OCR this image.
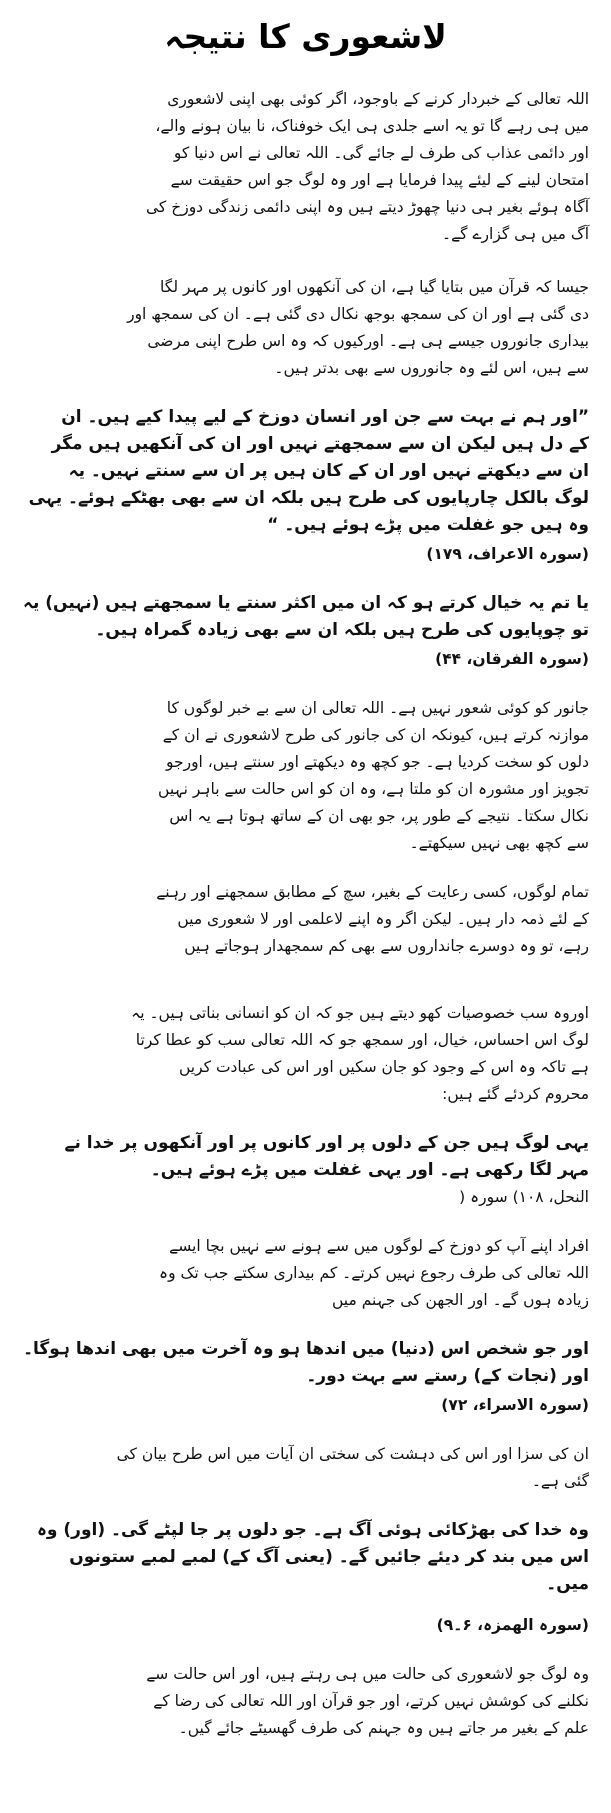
لاشعوری کا نتیجہ

اللہ تعالی کے خبردار کرنے کے باوجود، اگر کوئی بھی اپنی لاشعوری
میں ہی رہے گا تو یہ اسے جلدی ہی ایک خوفناک، نا بیان ہونے والے،
اور دائمی عذاب کی طرف لے جائے گی۔ اللہ تعالی نے اس دنیا کو
امتحان لینے کے لیئے پیدا فرمایا ہے اور وہ لوگ جو اس حقیقت سے
آگاہ ہوئے بغیر ہی دنیا چھوڑ دیتے ہیں وہ اپنی دائمی زندگی دوزخ کی
آگ میں ہی گزارے گے۔

جیسا کہ قرآن میں بتایا گیا ہے، ان کی آنکھوں اور کانوں پر مہر لگا
دی گئی ہے اور ان کی سمجھ بوجھ نکال دی گئی ہے۔ ان کی سمجھ اور
بیداری جانوروں جیسے ہی ہے۔ اورکیوں کہ وہ اس طرح اپنی مرضی
سے ہیں، اس لئے وہ جانوروں سے بھی بدتر ہیں۔

”اور ہم نے بہت سے جن اور انسان دوزخ کے لیے پیدا کیے ہیں۔ ان
کے دل ہیں لیکن ان سے سمجھتے نہیں اور ان کی آنکھیں ہیں مگر
ان سے دیکھتے نہیں اور ان کے کان ہیں پر ان سے سنتے نہیں۔ یہ
لوگ بالکل چارپایوں کی طرح ہیں بلکہ ان سے بھی بھٹکے ہوئے۔ یہی
وہ ہیں جو غفلت میں پڑے ہوئے ہیں۔ “

(سورہ الاعراف، ۱۷۹)

یا تم یہ خیال کرتے ہو کہ ان میں اکثر سنتے یا سمجھتے ہیں (نہیں) یہ
تو چوپایوں کی طرح ہیں بلکہ ان سے بھی زیادہ گمراہ ہیں۔

(سورہ الفرقان، ۴۴)

جانور کو کوئی شعور نہیں ہے۔ اللہ تعالی ان سے بے خبر لوگوں کا
موازنہ کرتے ہیں، کیونکہ ان کی جانور کی طرح لاشعوری نے ان کے
دلوں کو سخت کردیا ہے۔ جو کچھ وہ دیکھتے اور سنتے ہیں، اورجو
تجویز اور مشورہ ان کو ملتا ہے، وہ ان کو اس حالت سے باہر نہیں
نکال سکتا۔ نتیجے کے طور پر، جو بھی ان کے ساتھ ہوتا ہے یہ اس
سے کچھ بھی نہیں سیکھتے۔

تمام لوگوں، کسی رعایت کے بغیر، سچ کے مطابق سمجھنے اور رہنے
کے لئے ذمہ دار ہیں۔ لیکن اگر وہ اپنے لاعلمی اور لا شعوری میں
رہے، تو وہ دوسرے جانداروں سے بھی کم سمجھدار ہوجاتے ہیں

اوروہ سب خصوصیات کھو دیتے ہیں جو کہ ان کو انسانی بناتی ہیں۔ یہ
لوگ اس احساس، خیال، اور سمجھ جو کہ اللہ تعالی سب کو عطا کرتا
ہے تاکہ وہ اس کے وجود کو جان سکیں اور اس کی عبادت کریں
محروم کردئے گئے ہیں:

یہی لوگ ہیں جن کے دلوں پر اور کانوں پر اور آنکھوں پر خدا نے
مہر لگا رکھی ہے۔ اور یہی غفلت میں پڑے ہوئے ہیں۔

النحل، ۱۰۸) سورہ (

افراد اپنے آپ کو دوزخ کے لوگوں میں سے ہونے سے نہیں بچا ایسے
اللہ تعالی کی طرف رجوع نہیں کرتے۔ کم بیداری سکتے جب تک وہ
زیادہ ہوں گے۔ اور الجھن کی جہنم میں

اور جو شخص اس (دنیا) میں اندھا ہو وہ آخرت میں بھی اندھا ہوگا۔
اور (نجات کے) رستے سے بہت دور۔

(سورہ الاسراء، ۷۲)

ان کی سزا اور اس کی دہشت کی سختی ان آیات میں اس طرح بیان کی
گئی ہے۔

وہ خدا کی بھڑکائی ہوئی آگ ہے۔ جو دلوں پر جا لپٹے گی۔ (اور) وہ
اس میں بند کر دیئے جائیں گے۔ (یعنی آگ کے) لمبے لمبے ستونوں
میں۔

(سورہ الھمزہ، ۶۔۹)

وہ لوگ جو لاشعوری کی حالت میں ہی رہتے ہیں، اور اس حالت سے
نکلنے کی کوشش نہیں کرتے، اور جو قرآن اور اللہ تعالی کی رضا کے
علم کے بغیر مر جاتے ہیں وہ جہنم کی طرف گھسیٹے جائے گیں۔
